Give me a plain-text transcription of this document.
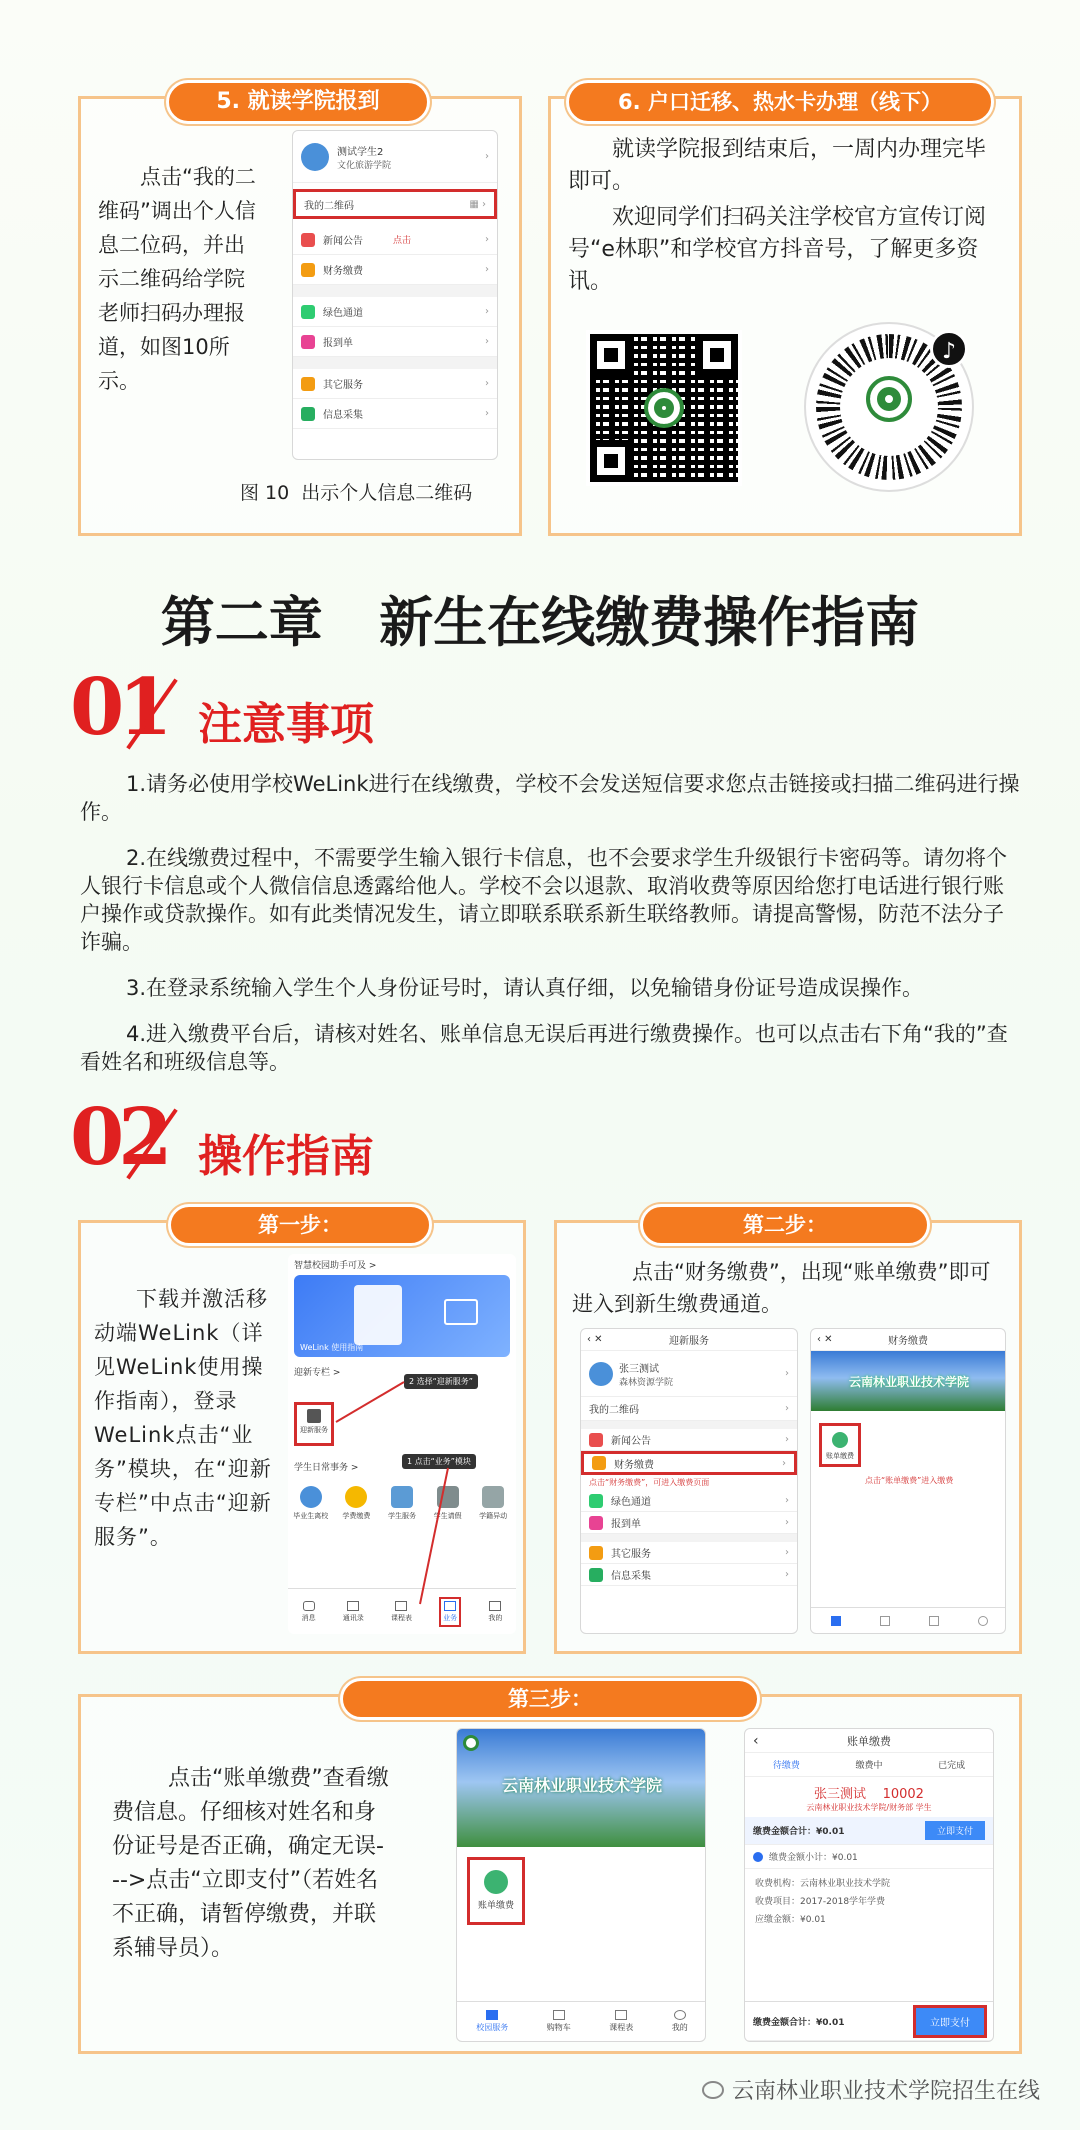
5. 就读学院报到
点击“我的二维码”调出个人信息二位码，并出示二维码给学院老师扫码办理报道，如图10所示。
测试学生2
文化旅游学院
›
我的二维码	▦ ›
新闻公告	点击	›
财务缴费	›
绿色通道	›
报到单	›
其它服务	›
信息采集	›
图 10  出示个人信息二维码
6. 户口迁移、热水卡办理（线下）
就读学院报到结束后，一周内办理完毕即可。
欢迎同学们扫码关注学校官方宣传订阅号“e林职”和学校官方抖音号，了解更多资讯。
♪
第二章   新生在线缴费操作指南
01 注意事项

1.请务必使用学校WeLink进行在线缴费，学校不会发送短信要求您点击链接或扫描二维码进行操作。

2.在线缴费过程中，不需要学生输入银行卡信息，也不会要求学生升级银行卡密码等。请勿将个人银行卡信息或个人微信信息透露给他人。学校不会以退款、取消收费等原因给您打电话进行银行账户操作或贷款操作。如有此类情况发生，请立即联系联系新生联络教师。请提高警惕，防范不法分子诈骗。

3.在登录系统输入学生个人身份证号时，请认真仔细，以免输错身份证号造成误操作。

4.进入缴费平台后，请核对姓名、账单信息无误后再进行缴费操作。也可以点击右下角“我的”查看姓名和班级信息等。

02 操作指南
第一步：
下载并激活移动端WeLink（详见WeLink使用操作指南），登录WeLink点击“业务”模块，在“迎新专栏”中点击“迎新服务”。
智慧校园助手可及 >
WeLink 使用指南
迎新专栏 >
2 选择“迎新服务”
迎新服务
学生日常事务 >
1 点击“业务”模块
毕业生离校	学费缴费	学生服务	学生请假	学籍异动
消息	通讯录	课程表	业务	我的
第二步：
点击“财务缴费”，出现“账单缴费”即可进入到新生缴费通道。
‹ ✕	迎新服务
张三测试
森林资源学院
›
我的二维码	›
新闻公告	›
财务缴费	›
点击“财务缴费”，可进入缴费页面
绿色通道	›
报到单	›
其它服务	›
信息采集	›
‹ ✕	财务缴费
云南林业职业技术学院
账单缴费
点击“账单缴费”进入缴费
第三步：
点击“账单缴费”查看缴费信息。仔细核对姓名和身份证号是否正确，确定无误--->点击“立即支付”（若姓名不正确，请暂停缴费，并联系辅导员）。
云南林业职业技术学院
账单缴费
校园服务	购物车	课程表	我的
‹	账单缴费
待缴费	缴费中	已完成
张三测试    10002
云南林业职业技术学院/财务部 学生
缴费金额合计：¥0.01	立即支付
缴费金额小计：¥0.01
收费机构：云南林业职业技术学院
收费项目：2017-2018学年学费
应缴金额：¥0.01
缴费金额合计：¥0.01	立即支付
云南林业职业技术学院招生在线
